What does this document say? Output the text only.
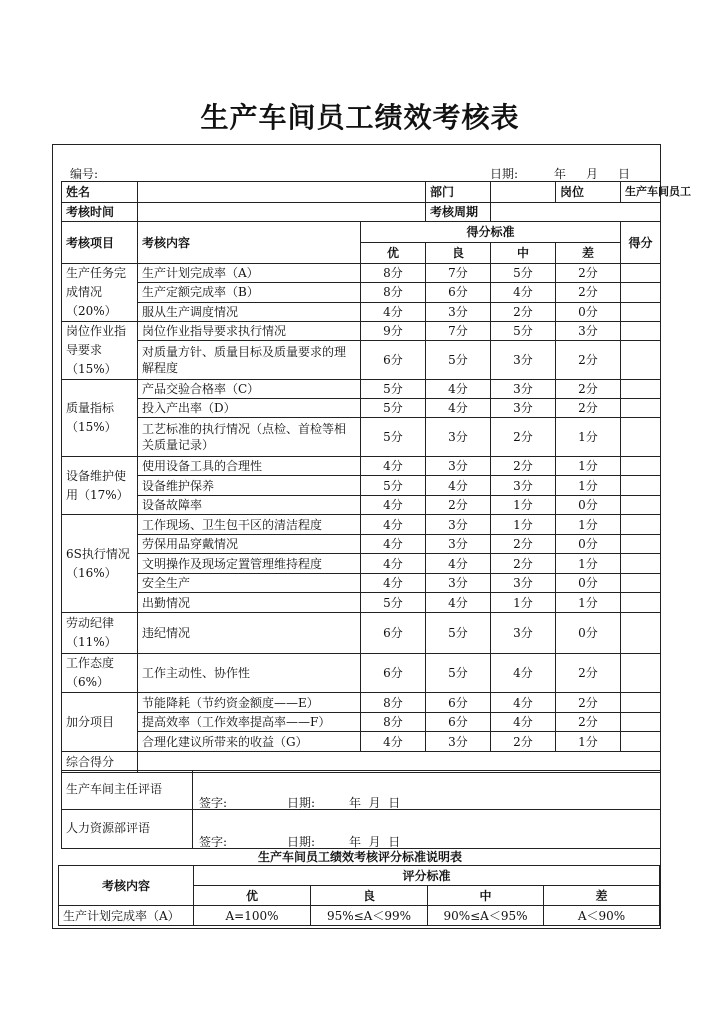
生产车间员工绩效考核表
编号:	日期:	年 月 日
姓名			部门		岗位	生产车间员工
考核时间			考核周期			
考核项目	考核内容	得分标准				得分
		优	良	中	差	
生产任务完成情况（20%）	生产计划完成率（A）	8分	7分	5分	2分	
	生产定额完成率（B）	8分	6分	4分	2分	
	服从生产调度情况	4分	3分	2分	0分	
岗位作业指导要求（15%）	岗位作业指导要求执行情况	9分	7分	5分	3分	
	对质量方针、质量目标及质量要求的理解程度	6分	5分	3分	2分	
质量指标（15%）	产品交验合格率（C）	5分	4分	3分	2分	
	投入产出率（D）	5分	4分	3分	2分	
	工艺标准的执行情况（点检、首检等相关质量记录）	5分	3分	2分	1分	
设备维护使用（17%）	使用设备工具的合理性	4分	3分	2分	1分	
	设备维护保养	5分	4分	3分	1分	
	设备故障率	4分	2分	1分	0分	
6S执行情况（16%）	工作现场、卫生包干区的清洁程度	4分	3分	1分	1分	
	劳保用品穿戴情况	4分	3分	2分	0分	
	文明操作及现场定置管理维持程度	4分	4分	2分	1分	
	安全生产	4分	3分	3分	0分	
	出勤情况	5分	4分	1分	1分	
劳动纪律（11%）	违纪情况	6分	5分	3分	0分	
工作态度（6%）	工作主动性、协作性	6分	5分	4分	2分	
加分项目	节能降耗（节约资金额度——E）	8分	6分	4分	2分	
	提高效率（工作效率提高率——F）	8分	6分	4分	2分	
	合理化建议所带来的收益（G）	4分	3分	2分	1分	
综合得分						
生产车间主任评语	签字: 日期: 年  月  日

人力资源部评语	签字: 日期: 年  月  日
生产车间员工绩效考核评分标准说明表
考核内容	评分标准			
	优	良	中	差
生产计划完成率（A）	A=100%	95%≤A＜99%	90%≤A＜95%	A＜90%
